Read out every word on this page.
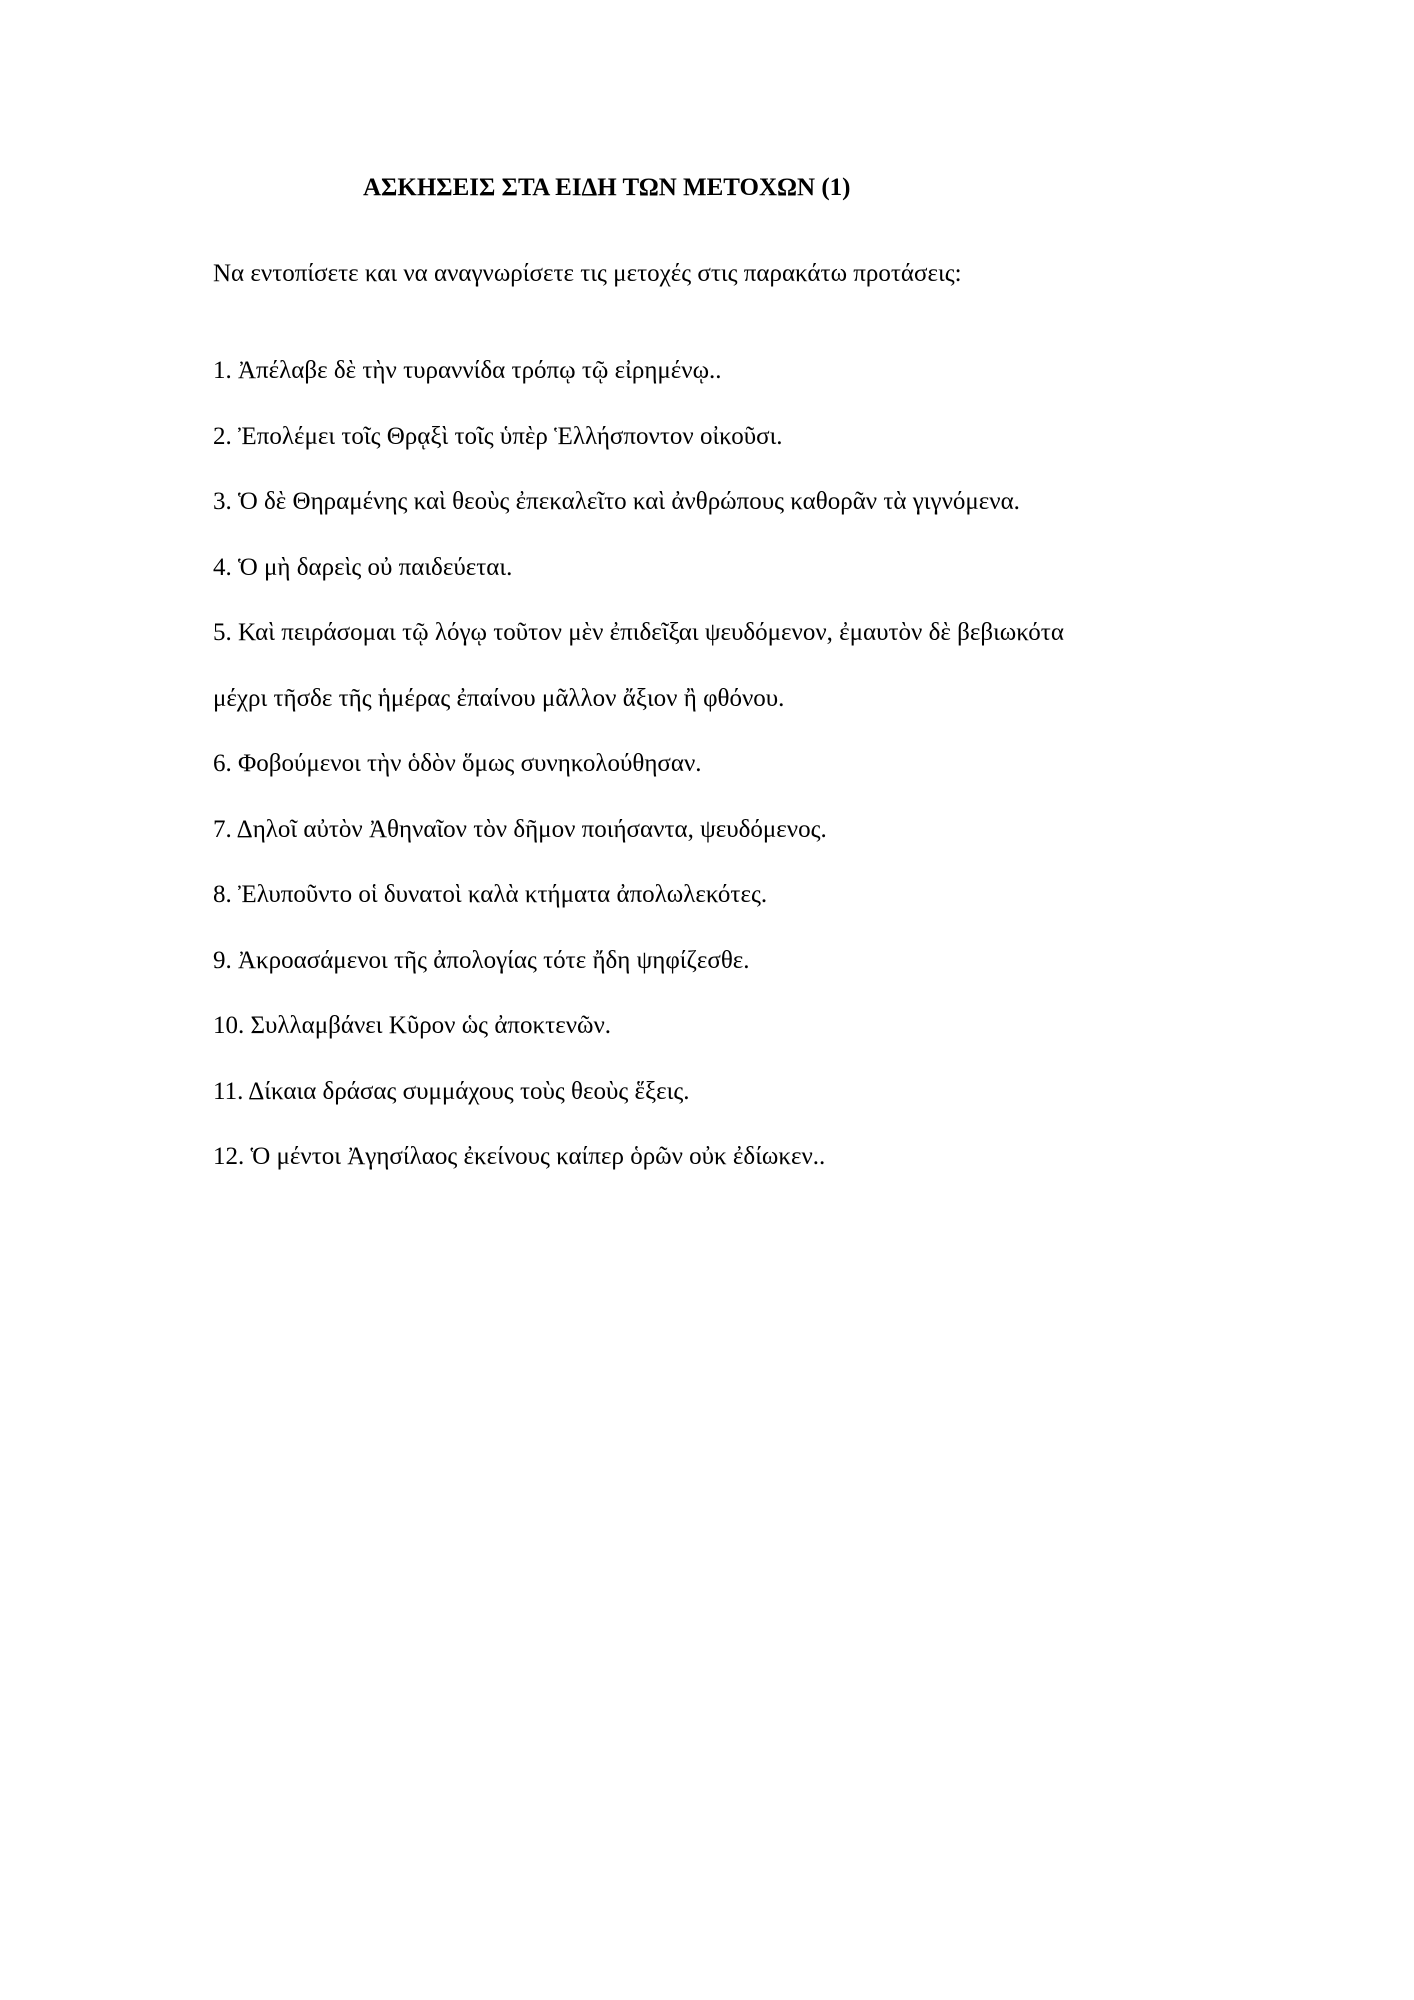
ΑΣΚΗΣΕΙΣ ΣΤΑ ΕΙΔΗ ΤΩΝ ΜΕΤΟΧΩΝ (1)
Να εντοπίσετε και να αναγνωρίσετε τις μετοχές στις παρακάτω προτάσεις:
1. Ἀπέλαβε δὲ τὴν τυραννίδα τρόπῳ τῷ εἰρημένῳ..
2. Ἐπολέμει τοῖς Θρᾳξὶ τοῖς ὑπὲρ Ἑλλήσποντον οἰκοῦσι.
3. Ὁ δὲ Θηραμένης καὶ θεοὺς ἐπεκαλεῖτο καὶ ἀνθρώπους καθορᾶν τὰ γιγνόμενα.
4. Ὁ μὴ δαρεὶς οὐ παιδεύεται.
5. Καὶ πειράσομαι τῷ λόγῳ τοῦτον μὲν ἐπιδεῖξαι ψευδόμενον, ἐμαυτὸν δὲ βεβιωκότα
μέχρι τῆσδε τῆς ἡμέρας ἐπαίνου μᾶλλον ἄξιον ἢ φθόνου.
6. Φοβούμενοι τὴν ὁδὸν ὅμως συνηκολούθησαν.
7. Δηλοῖ αὐτὸν Ἀθηναῖον τὸν δῆμον ποιήσαντα, ψευδόμενος.
8. Ἐλυποῦντο οἱ δυνατοὶ καλὰ κτήματα ἀπολωλεκότες.
9. Ἀκροασάμενοι τῆς ἀπολογίας τότε ἤδη ψηφίζεσθε.
10. Συλλαμβάνει Κῦρον ὡς ἀποκτενῶν.
11. Δίκαια δράσας συμμάχους τοὺς θεοὺς ἕξεις.
12. Ὁ μέντοι Ἀγησίλαος ἐκείνους καίπερ ὁρῶν οὐκ ἐδίωκεν..
